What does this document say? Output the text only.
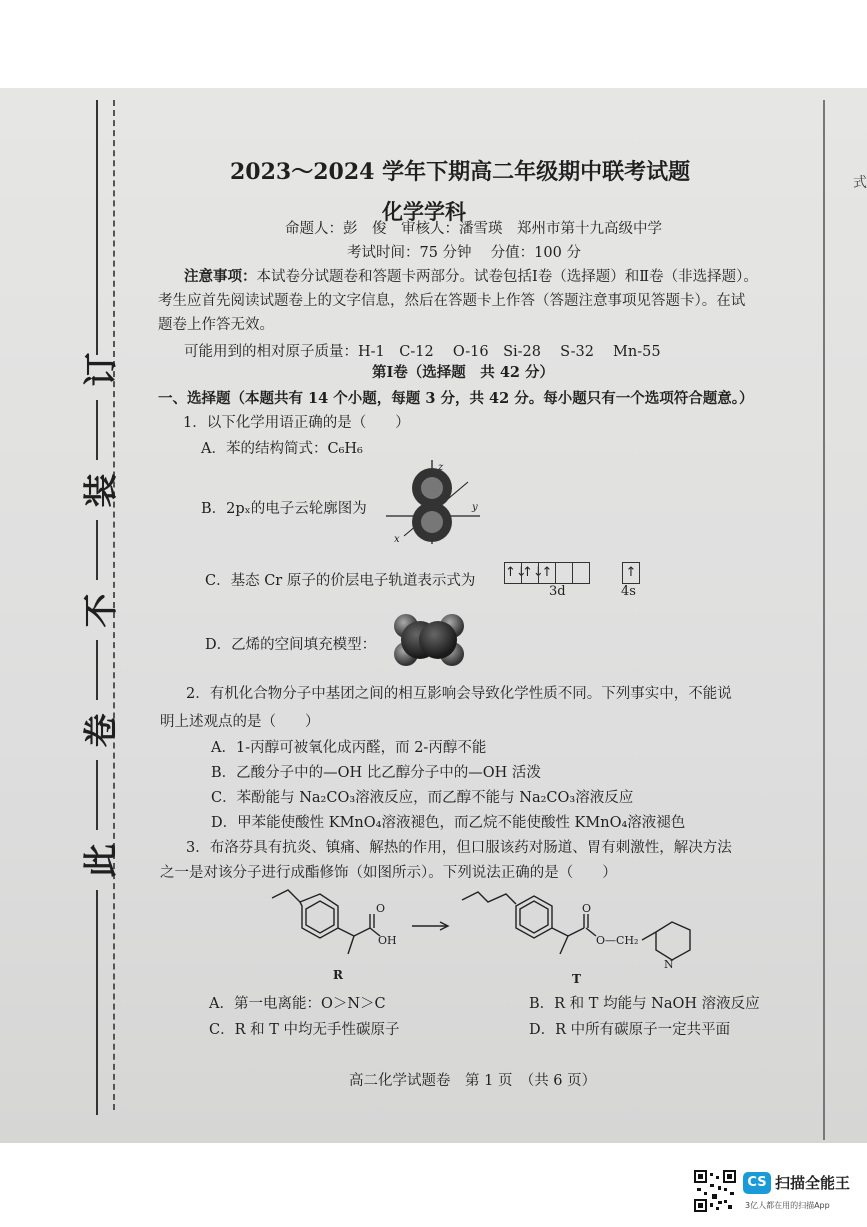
订
装
不
卷
此
式
2023～2024 学年下期高二年级期中联考试题
化学学科
命题人：彭　俊　审核人：潘雪瑛　郑州市第十九高级中学
考试时间：75 分钟　 分值：100 分
注意事项：本试卷分试题卷和答题卡两部分。试卷包括Ⅰ卷（选择题）和Ⅱ卷（非选择题）。
考生应首先阅读试题卷上的文字信息，然后在答题卡上作答（答题注意事项见答题卡）。在试
题卷上作答无效。
可能用到的相对原子质量：H-1　C-12　 O-16　Si-28　 S-32　 Mn-55
第Ⅰ卷（选择题　共 42 分）
一、选择题（本题共有 14 个小题，每题 3 分，共 42 分。每小题只有一个选项符合题意。）
1．以下化学用语正确的是（　　）
A．苯的结构简式：C₆H₆
B．2pₓ的电子云轮廓图为
z
y
x
C．基态 Cr 原子的价层电子轨道表示式为
↑↓
↑↓
↑	↑
3d	4s
D．乙烯的空间填充模型：
2．有机化合物分子中基团之间的相互影响会导致化学性质不同。下列事实中，不能说
明上述观点的是（　　）
A．1-丙醇可被氧化成丙醛，而 2-丙醇不能
B．乙酸分子中的—OH 比乙醇分子中的—OH 活泼
C．苯酚能与 Na₂CO₃溶液反应，而乙醇不能与 Na₂CO₃溶液反应
D．甲苯能使酸性 KMnO₄溶液褪色，而乙烷不能使酸性 KMnO₄溶液褪色
3．布洛芬具有抗炎、镇痛、解热的作用，但口服该药对肠道、胃有刺激性，解决方法
之一是对该分子进行成酯修饰（如图所示）。下列说法正确的是（　　）
O
OH
O
O—CH₂
N
R	T
A．第一电离能：O＞N＞C	B．R 和 T 均能与 NaOH 溶液反应
C．R 和 T 中均无手性碳原子	D．R 中所有碳原子一定共平面
高二化学试题卷　第 1 页　（共 6 页）
CS 扫描全能王
3亿人都在用的扫描App
